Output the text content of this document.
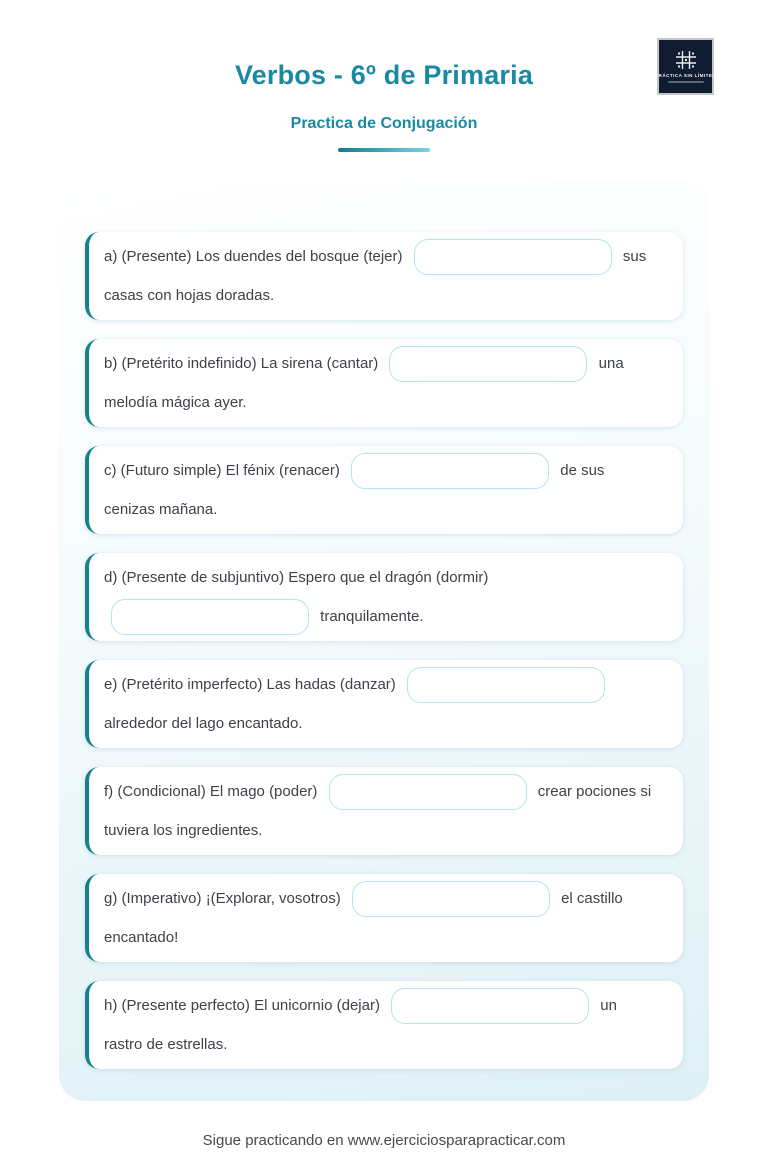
PRÁCTICA SIN LÍMITES
Verbos - 6º de Primaria
Practica de Conjugación
a) (Presente) Los duendes del bosque (tejer)	sus casas con hojas doradas.
b) (Pretérito indefinido) La sirena (cantar)	una melodía mágica ayer.
c) (Futuro simple) El fénix (renacer)	de sus cenizas mañana.
d) (Presente de subjuntivo) Espero que el dragón (dormir)  tranquilamente.
e) (Pretérito imperfecto) Las hadas (danzar)  alrededor del lago encantado.
f) (Condicional) El mago (poder)	crear pociones si tuviera los ingredientes.
g) (Imperativo) ¡(Explorar, vosotros)	el castillo encantado!
h) (Presente perfecto) El unicornio (dejar)	un rastro de estrellas.
Sigue practicando en www.ejerciciosparapracticar.com
